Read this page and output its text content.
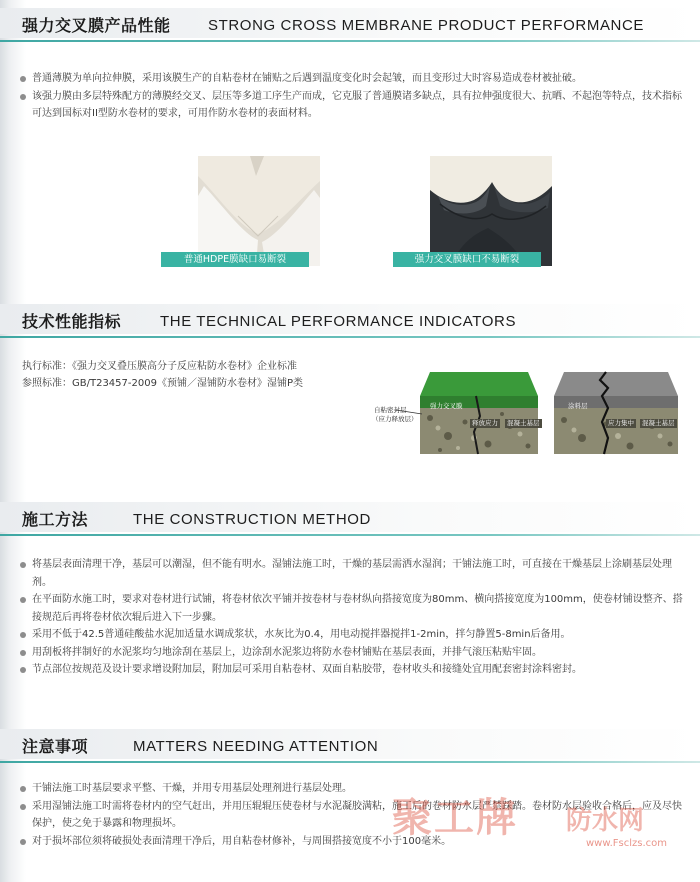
强力交叉膜产品性能 STRONG CROSS MEMBRANE PRODUCT PERFORMANCE
普通薄膜为单向拉伸膜，采用该膜生产的自粘卷材在铺贴之后遇到温度变化时会起皱，而且变形过大时容易造成卷材被扯破。
该强力膜由多层特殊配方的薄膜经交叉、层压等多道工序生产而成，它克服了普通膜诸多缺点，具有拉伸强度很大、抗晒、不起泡等特点，技术指标可达到国标对II型防水卷材的要求，可用作防水卷材的表面材料。
普通HDPE膜缺口易断裂	强力交叉膜缺口不易断裂
技术性能指标	THE TECHNICAL PERFORMANCE INDICATORS
执行标准：《强力交叉叠压膜高分子反应粘防水卷材》企业标准
参照标准：GB/T23457-2009《预铺／湿铺防水卷材》湿铺P类
自粘密封层
（应力释放层）
强力交叉膜
释放应力	混凝土基层
涂料层
应力集中	混凝土基层
施工方法	THE CONSTRUCTION METHOD
将基层表面清理干净，基层可以潮湿，但不能有明水。湿铺法施工时，干燥的基层需洒水湿润；干铺法施工时，可直接在干燥基层上涂刷基层处理剂。
在平面防水施工时，要求对卷材进行试铺，将卷材依次平铺并按卷材与卷材纵向搭接宽度为80mm、横向搭接宽度为100mm，使卷材铺设整齐、搭接规范后再将卷材依次辊后进入下一步骤。
采用不低于42.5普通硅酸盐水泥加适量水调成浆状，水灰比为0.4，用电动搅拌器搅拌1-2min，拌匀静置5-8min后备用。
用刮板将拌制好的水泥浆均匀地涂刮在基层上，边涂刮水泥浆边将防水卷材铺贴在基层表面，并排气滚压粘贴牢固。
节点部位按规范及设计要求增设附加层，附加层可采用自粘卷材、双面自粘胶带，卷材收头和接缝处宜用配套密封涂料密封。
注意事项	MATTERS NEEDING ATTENTION
干铺法施工时基层要求平整、干燥，并用专用基层处理剂进行基层处理。
采用湿铺法施工时需将卷材内的空气赶出，并用压辊辊压使卷材与水泥凝胶满粘，施工后的卷材防水层严禁踩踏。卷材防水层验收合格后，应及尽快保护，使之免于暴露和物理损坏。
对于损坏部位须将破损处表面清理干净后，用自粘卷材修补，与周围搭接宽度不小于100毫米。
聚工牌 防水网
www.Fsclzs.com
